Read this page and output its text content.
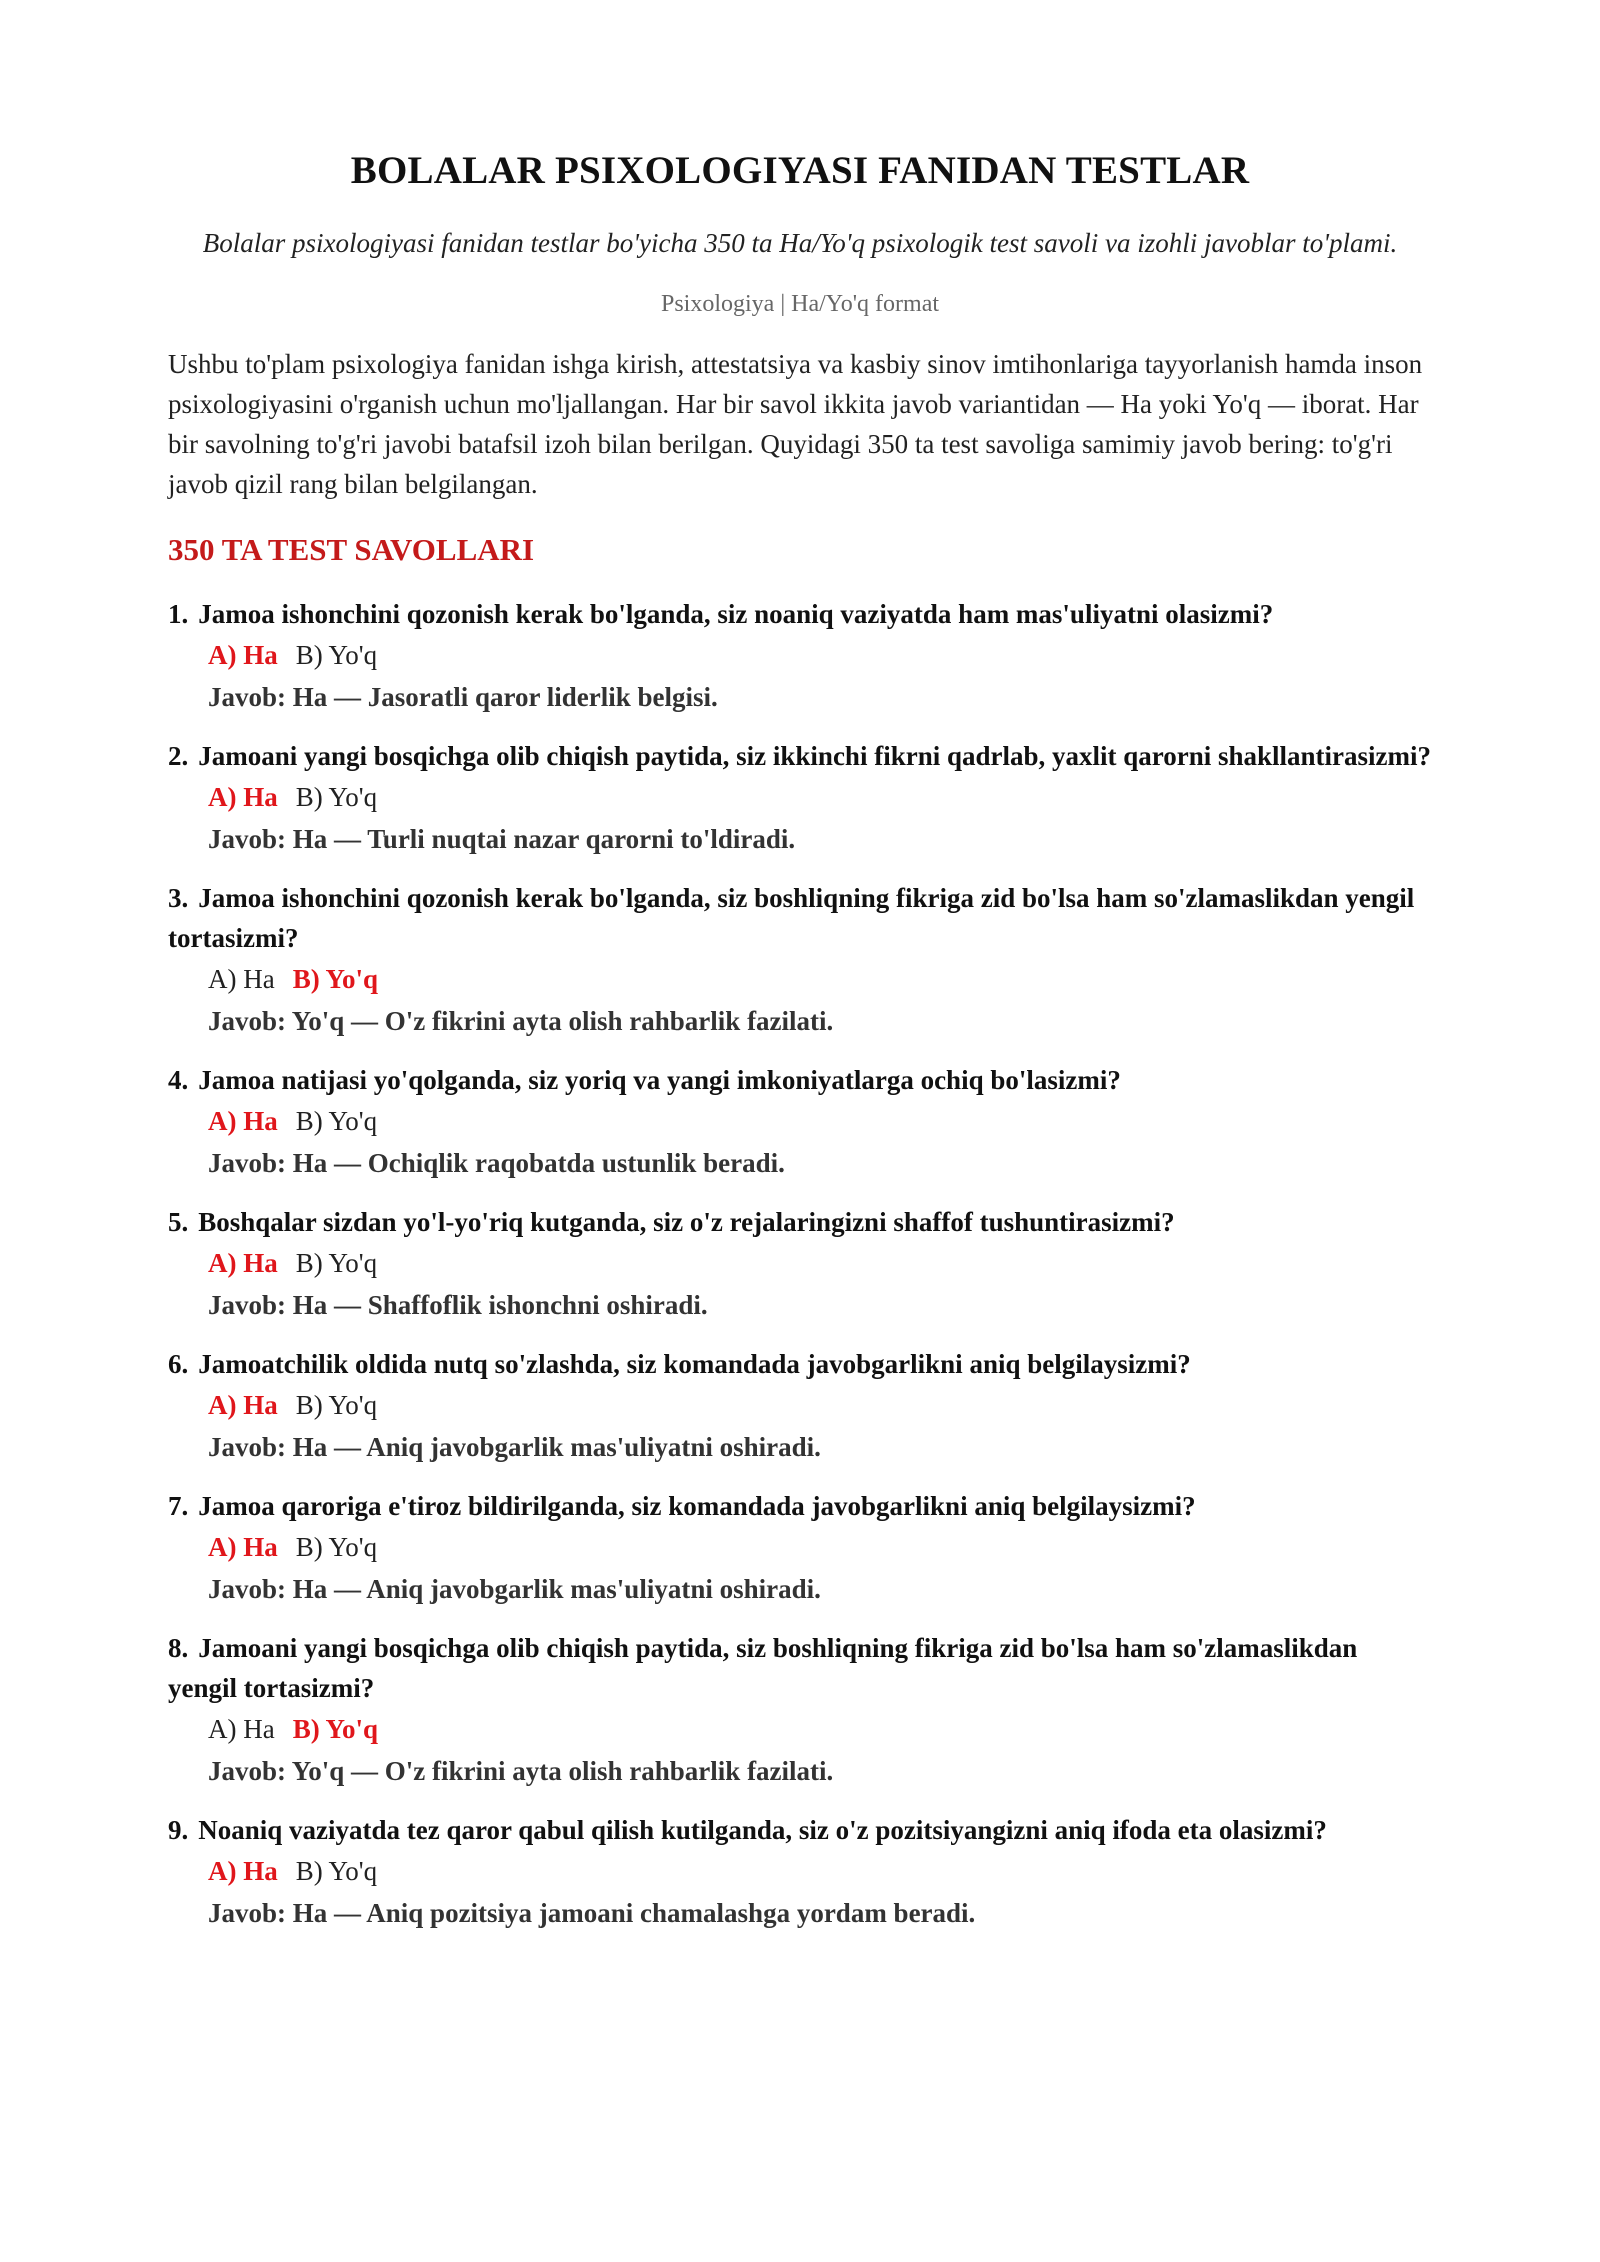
BOLALAR PSIXOLOGIYASI FANIDAN TESTLAR

Bolalar psixologiyasi fanidan testlar bo'yicha 350 ta Ha/Yo'q psixologik test savoli va izohli javoblar to'plami.

Psixologiya | Ha/Yo'q format

Ushbu to'plam psixologiya fanidan ishga kirish, attestatsiya va kasbiy sinov imtihonlariga tayyorlanish hamda inson psixologiyasini o'rganish uchun mo'ljallangan. Har bir savol ikkita javob variantidan — Ha yoki Yo'q — iborat. Har bir savolning to'g'ri javobi batafsil izoh bilan berilgan. Quyidagi 350 ta test savoliga samimiy javob bering: to'g'ri javob qizil rang bilan belgilangan.

350 TA TEST SAVOLLARI
1. Jamoa ishonchini qozonish kerak bo'lganda, siz noaniq vaziyatda ham mas'uliyatni olasizmi?
A) Ha B) Yo'q
Javob: Ha — Jasoratli qaror liderlik belgisi.
2. Jamoani yangi bosqichga olib chiqish paytida, siz ikkinchi fikrni qadrlab, yaxlit qarorni shakllantirasizmi?
A) Ha B) Yo'q
Javob: Ha — Turli nuqtai nazar qarorni to'ldiradi.
3. Jamoa ishonchini qozonish kerak bo'lganda, siz boshliqning fikriga zid bo'lsa ham so'zlamaslikdan yengil tortasizmi?
A) Ha B) Yo'q
Javob: Yo'q — O'z fikrini ayta olish rahbarlik fazilati.
4. Jamoa natijasi yo'qolganda, siz yoriq va yangi imkoniyatlarga ochiq bo'lasizmi?
A) Ha B) Yo'q
Javob: Ha — Ochiqlik raqobatda ustunlik beradi.
5. Boshqalar sizdan yo'l-yo'riq kutganda, siz o'z rejalaringizni shaffof tushuntirasizmi?
A) Ha B) Yo'q
Javob: Ha — Shaffoflik ishonchni oshiradi.
6. Jamoatchilik oldida nutq so'zlashda, siz komandada javobgarlikni aniq belgilaysizmi?
A) Ha B) Yo'q
Javob: Ha — Aniq javobgarlik mas'uliyatni oshiradi.
7. Jamoa qaroriga e'tiroz bildirilganda, siz komandada javobgarlikni aniq belgilaysizmi?
A) Ha B) Yo'q
Javob: Ha — Aniq javobgarlik mas'uliyatni oshiradi.
8. Jamoani yangi bosqichga olib chiqish paytida, siz boshliqning fikriga zid bo'lsa ham so'zlamaslikdan yengil tortasizmi?
A) Ha B) Yo'q
Javob: Yo'q — O'z fikrini ayta olish rahbarlik fazilati.
9. Noaniq vaziyatda tez qaror qabul qilish kutilganda, siz o'z pozitsiyangizni aniq ifoda eta olasizmi?
A) Ha B) Yo'q
Javob: Ha — Aniq pozitsiya jamoani chamalashga yordam beradi.
